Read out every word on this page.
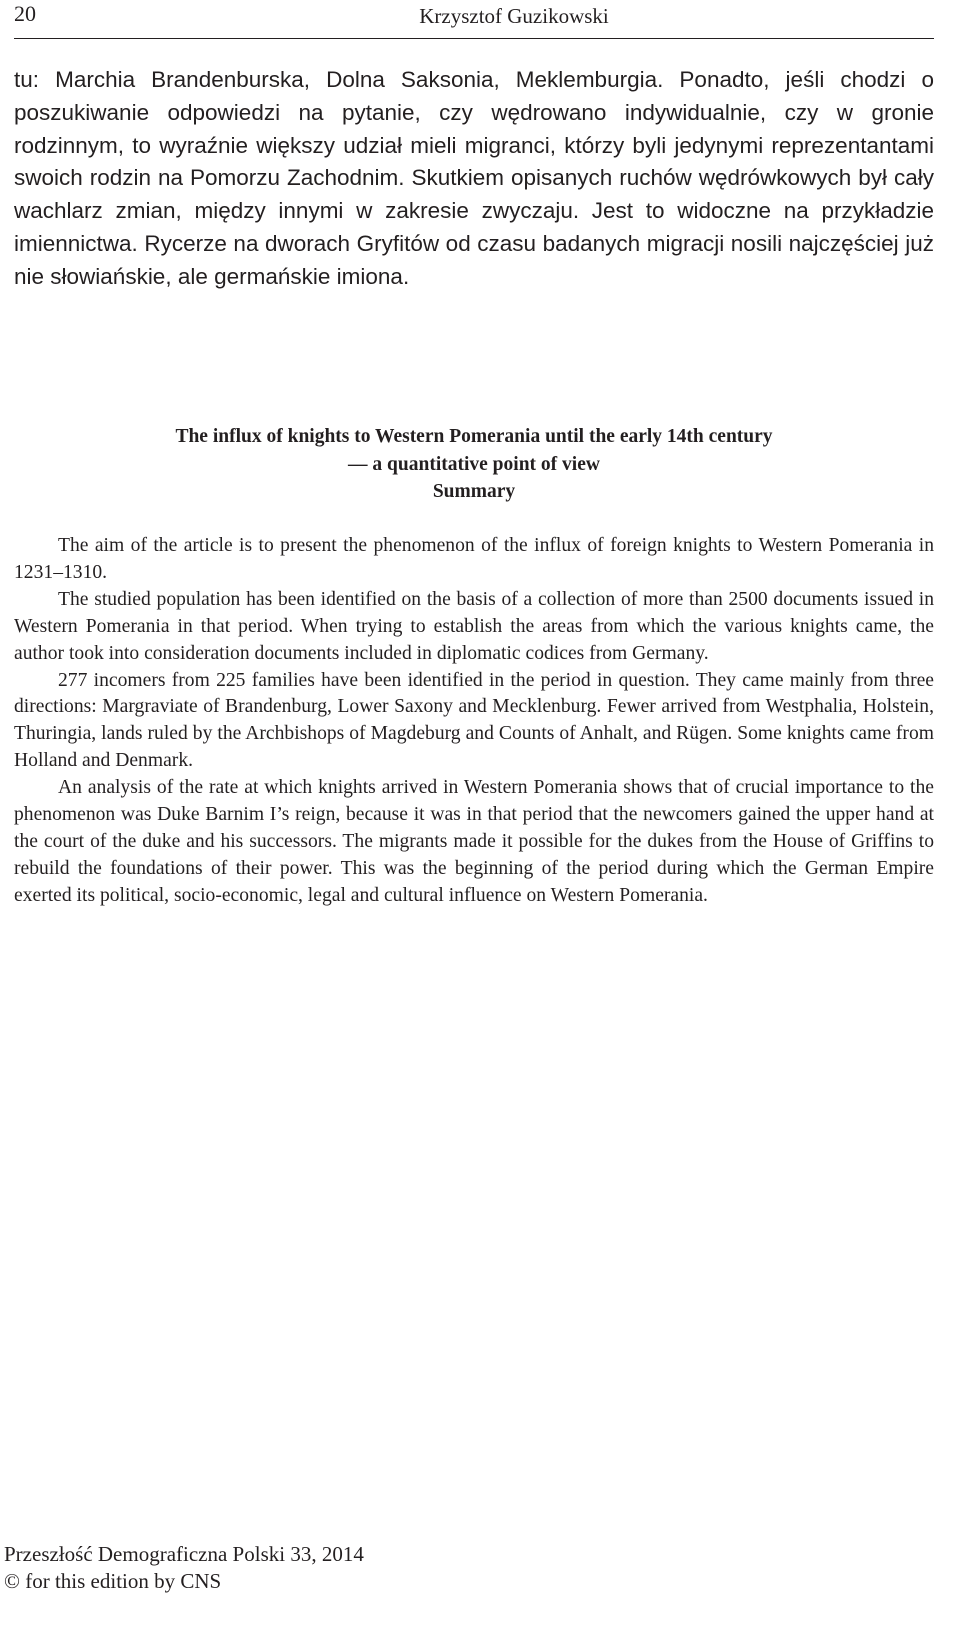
20	Krzysztof Guzikowski

tu: Marchia Brandenburska, Dolna Saksonia, Meklemburgia. Ponadto, jeśli chodzi o poszukiwanie odpowiedzi na pytanie, czy wędrowano indywidualnie, czy w gronie rodzinnym, to wyraźnie większy udział mieli migranci, którzy byli jedynymi reprezentantami swoich rodzin na Pomorzu Zachodnim. Skutkiem opisanych ruchów wędrówkowych był cały wachlarz zmian, między innymi w zakresie zwyczaju. Jest to widoczne na przykładzie imiennictwa. Rycerze na dworach Gryfitów od czasu badanych migracji nosili najczęściej już nie słowiańskie, ale germańskie imiona.

The influx of knights to Western Pomerania until the early 14th century
— a quantitative point of view
Summary

The aim of the article is to present the phenomenon of the influx of foreign knights to Western Pomerania in 1231–1310.

The studied population has been identified on the basis of a collection of more than 2500 documents issued in Western Pomerania in that period. When trying to establish the areas from which the various knights came, the author took into consideration documents included in diplomatic codices from Germany.

277 incomers from 225 families have been identified in the period in question. They came mainly from three directions: Margraviate of Brandenburg, Lower Saxony and Mecklenburg. Fewer arrived from Westphalia, Holstein, Thuringia, lands ruled by the Archbishops of Magdeburg and Counts of Anhalt, and Rügen. Some knights came from Holland and Denmark.

An analysis of the rate at which knights arrived in Western Pomerania shows that of crucial importance to the phenomenon was Duke Barnim I’s reign, because it was in that period that the newcomers gained the upper hand at the court of the duke and his successors. The migrants made it possible for the dukes from the House of Griffins to rebuild the foundations of their power. This was the beginning of the period during which the German Empire exerted its political, socio-economic, legal and cultural influence on Western Pomerania.

Przeszłość Demograficzna Polski 33, 2014
© for this edition by CNS
